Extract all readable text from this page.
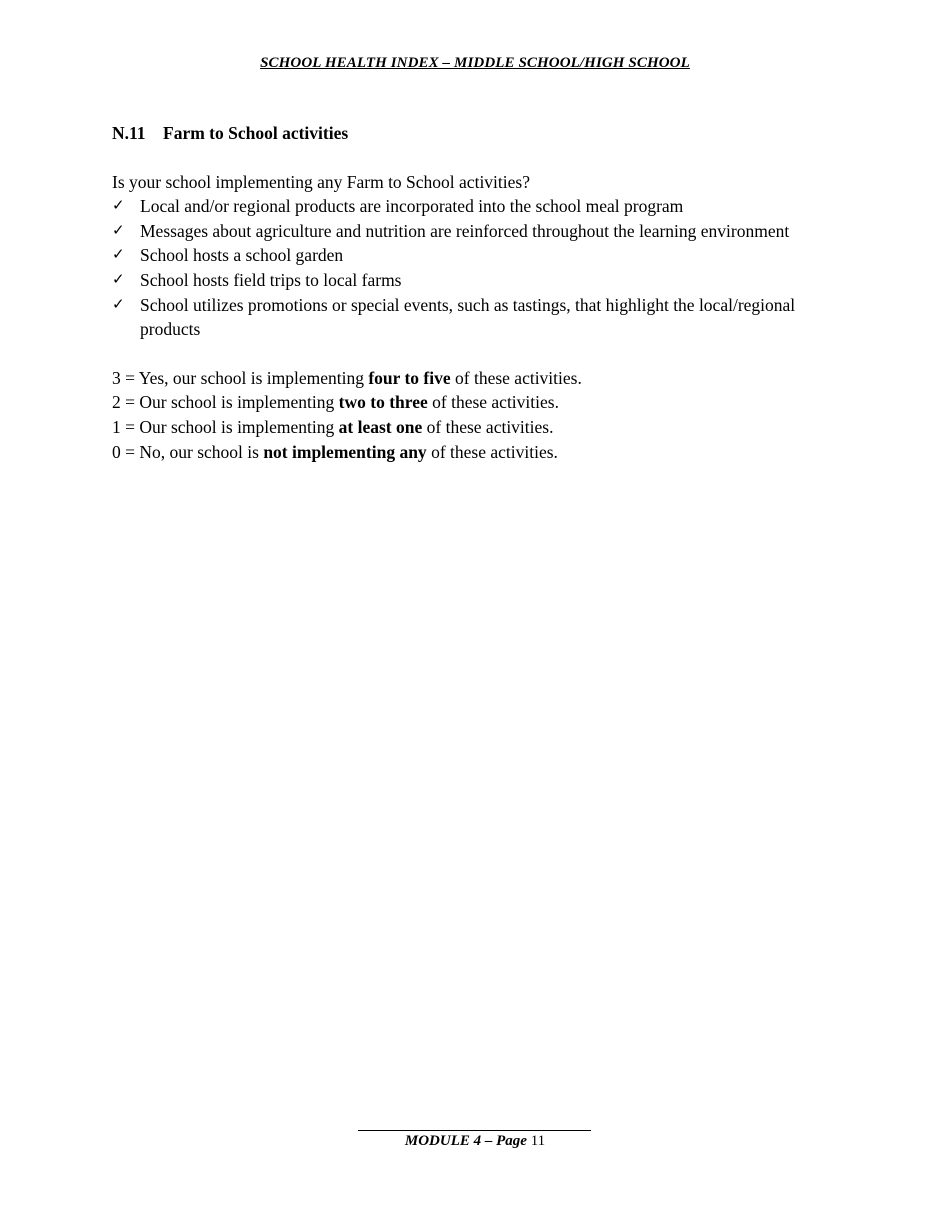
SCHOOL HEALTH INDEX – MIDDLE SCHOOL/HIGH SCHOOL
N.11 Farm to School activities

Is your school implementing any Farm to School activities?

✓ Local and/or regional products are incorporated into the school meal program
✓ Messages about agriculture and nutrition are reinforced throughout the learning environment
✓ School hosts a school garden
✓ School hosts field trips to local farms
✓ School utilizes promotions or special events, such as tastings, that highlight the local/regional products

3 = Yes, our school is implementing four to five of these activities.

2 = Our school is implementing two to three of these activities.

1 = Our school is implementing at least one of these activities.

0 = No, our school is not implementing any of these activities.

MODULE 4 – Page 11
